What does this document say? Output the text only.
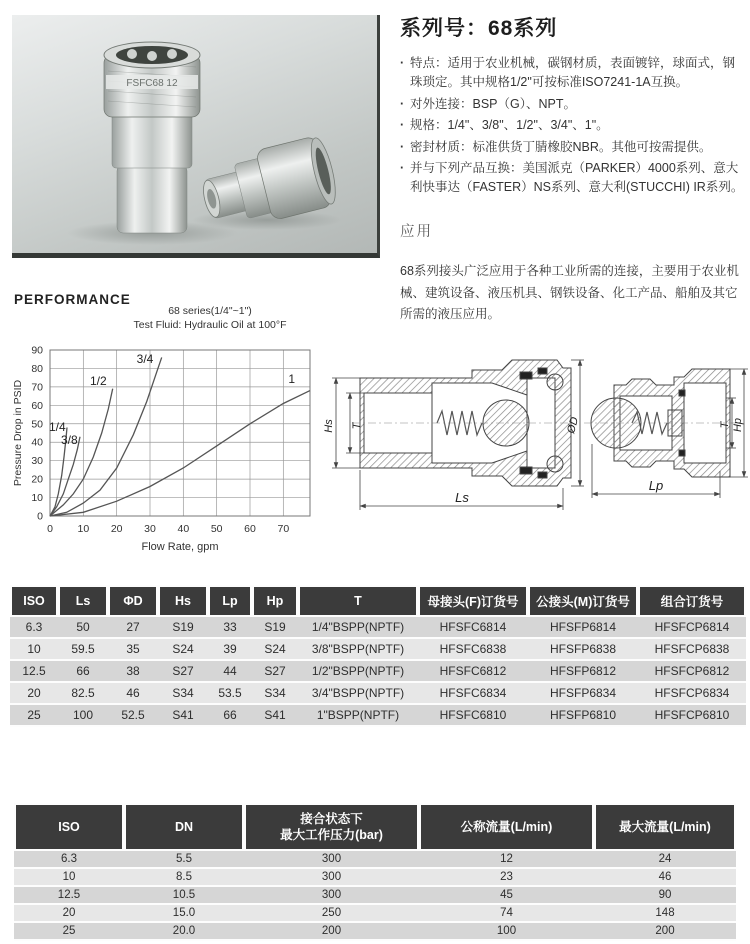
FSFC68 12
系列号：68系列
· 特点：适用于农业机械，碳钢材质，表面镀锌，球面式，钢珠琐定。其中规格1/2"可按标准ISO7241-1A互换。
· 对外连接：BSP（G）、NPT。
· 规格：1/4"、3/8"、1/2"、3/4"、1"。
· 密封材质：标准供货丁腈橡胶NBR。其他可按需提供。
· 并与下列产品互换：美国派克（PARKER）4000系列、意大利快事达（FASTER）NS系列、意大利(STUCCHI) IR系列。
应用

68系列接头广泛应用于各种工业所需的连接，主要用于农业机械、建筑设备、液压机具、钢铁设备、化工产品、船舶及其它所需的液压应用。

PERFORMANCE
0 10 20 30 40 50 60 70
0
10
20
30
40
50
60
70
80
90
68 series(1/4"~1")
Test Fluid: Hydraulic Oil at 100°F
Flow Rate, gpm
Pressure Drop in PSID 1/4
3/8
1/2
3/4
1
Hs T	ØD
Ls
T Hp
Lp
ISO	Ls	ΦD	Hs	Lp	Hp	T	母接头(F)订货号	公接头(M)订货号	组合订货号
6.3	50	27	S19	33	S19	1/4"BSPP(NPTF)	HFSFC6814	HFSFP6814	HFSFCP6814
10	59.5	35	S24	39	S24	3/8"BSPP(NPTF)	HFSFC6838	HFSFP6838	HFSFCP6838
12.5	66	38	S27	44	S27	1/2"BSPP(NPTF)	HFSFC6812	HFSFP6812	HFSFCP6812
20	82.5	46	S34	53.5	S34	3/4"BSPP(NPTF)	HFSFC6834	HFSFP6834	HFSFCP6834
25	100	52.5	S41	66	S41	1"BSPP(NPTF)	HFSFC6810	HFSFP6810	HFSFCP6810
ISO	DN	接合状态下
最大工作压力(bar)	公称流量(L/min)	最大流量(L/min)

6.3	5.5	300	12	24
10	8.5	300	23	46
12.5	10.5	300	45	90
20	15.0	250	74	148
25	20.0	200	100	200
